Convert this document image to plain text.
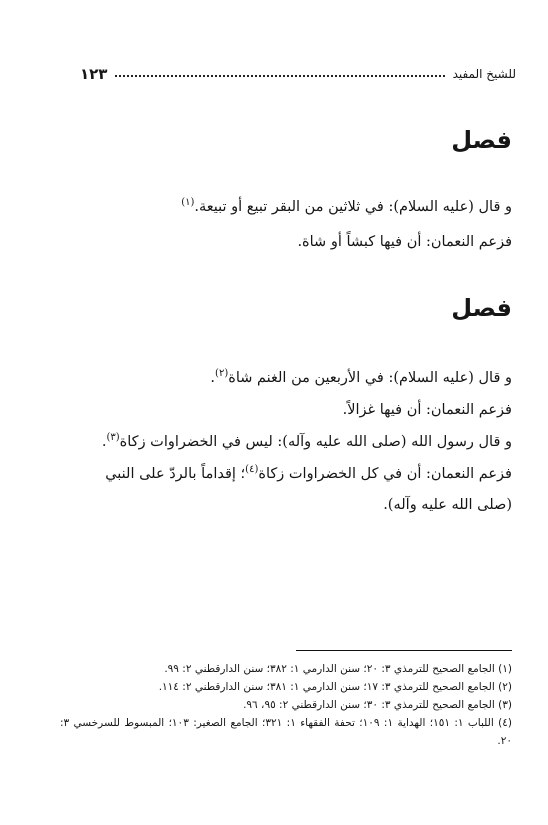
للشيخ المفيد
١٢٣
فصل
و قال (عليه السلام): في ثلاثين من البقر تبيع أو تبيعة.$^{(١)}$
فزعم النعمان: أن فيها كبشاً أو شاة.
فصل
و قال (عليه السلام): في الأربعين من الغنم شاة$^{(٢)}$.
فزعم النعمان: أن فيها غزالاً.
و قال رسول الله (صلى الله عليه وآله): ليس في الخضراوات زكاة$^{(٣)}$.
فزعم النعمان: أن في كل الخضراوات زكاة$^{(٤)}$؛ إقداماً بالردّ على النبي
(صلى الله عليه وآله).
(١) الجامع الصحيح للترمذي ٣: ٢٠؛ سنن الدارمي ١: ٣٨٢؛ سنن الدارقطني ٢: ٩٩.
(٢) الجامع الصحيح للترمذي ٣: ١٧؛ سنن الدارمي ١: ٣٨١؛ سنن الدارقطني ٢: ١١٤.
(٣) الجامع الصحيح للترمذي ٣: ٣٠؛ سنن الدارقطني ٢: ٩٥، ٩٦.
(٤) اللباب ١: ١٥١؛ الهداية ١: ١٠٩؛ تحفة الفقهاء ١: ٣٢١؛ الجامع الصغير: ١٠٣؛ المبسوط للسرخسي ٣: ٢٠.
